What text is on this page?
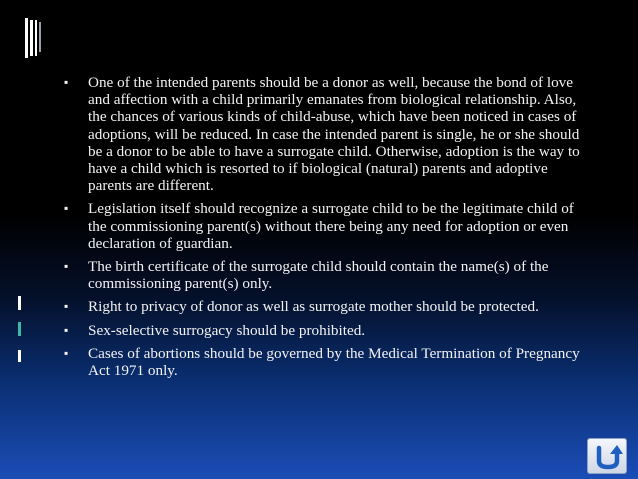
▪ One of the intended parents should be a donor as well, because the bond of love and affection with a child primarily emanates from biological relationship. Also, the chances of various kinds of child-abuse, which have been noticed in cases of adoptions, will be reduced. In case the intended parent is single, he or she should be a donor to be able to have a surrogate child. Otherwise, adoption is the way to have a child which is resorted to if biological (natural) parents and adoptive parents are different.
▪ Legislation itself should recognize a surrogate child to be the legitimate child of the commissioning parent(s) without there being any need for adoption or even declaration of guardian.
▪ The birth certificate of the surrogate child should contain the name(s) of the commissioning parent(s) only.
▪ Right to privacy of donor as well as surrogate mother should be protected.
▪ Sex-selective surrogacy should be prohibited.
▪ Cases of abortions should be governed by the Medical Termination of Pregnancy Act 1971 only.
